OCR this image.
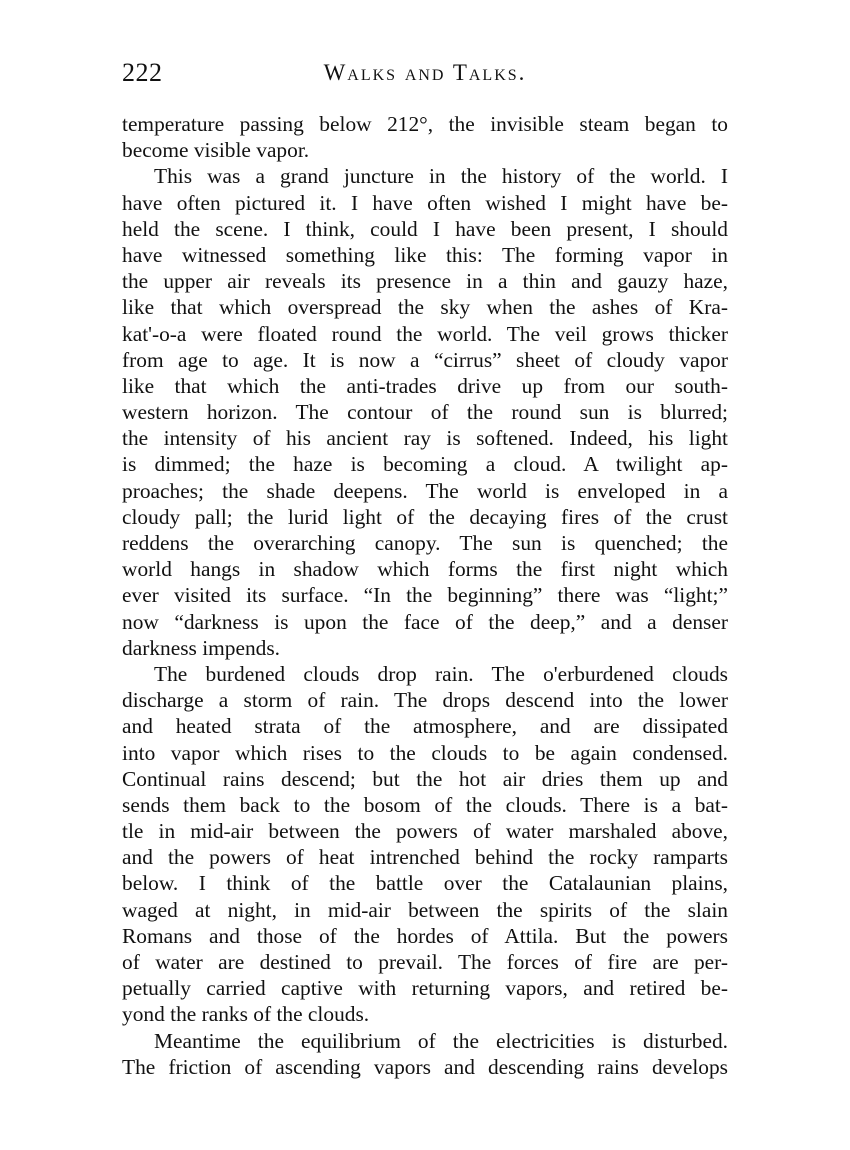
222	Walks and Talks.
temperature passing below 212°, the invisible steam began to
become visible vapor.
This was a grand juncture in the history of the world. I
have often pictured it. I have often wished I might have be-
held the scene. I think, could I have been present, I should
have witnessed something like this: The forming vapor in
the upper air reveals its presence in a thin and gauzy haze,
like that which overspread the sky when the ashes of Kra-
kat'-o-a were floated round the world. The veil grows thicker
from age to age. It is now a “cirrus” sheet of cloudy vapor
like that which the anti-trades drive up from our south-
western horizon. The contour of the round sun is blurred;
the intensity of his ancient ray is softened. Indeed, his light
is dimmed; the haze is becoming a cloud. A twilight ap-
proaches; the shade deepens. The world is enveloped in a
cloudy pall; the lurid light of the decaying fires of the crust
reddens the overarching canopy. The sun is quenched; the
world hangs in shadow which forms the first night which
ever visited its surface. “In the beginning” there was “light;”
now “darkness is upon the face of the deep,” and a denser
darkness impends.
The burdened clouds drop rain. The o'erburdened clouds
discharge a storm of rain. The drops descend into the lower
and heated strata of the atmosphere, and are dissipated
into vapor which rises to the clouds to be again condensed.
Continual rains descend; but the hot air dries them up and
sends them back to the bosom of the clouds. There is a bat-
tle in mid-air between the powers of water marshaled above,
and the powers of heat intrenched behind the rocky ramparts
below. I think of the battle over the Catalaunian plains,
waged at night, in mid-air between the spirits of the slain
Romans and those of the hordes of Attila. But the powers
of water are destined to prevail. The forces of fire are per-
petually carried captive with returning vapors, and retired be-
yond the ranks of the clouds.
Meantime the equilibrium of the electricities is disturbed.
The friction of ascending vapors and descending rains develops
